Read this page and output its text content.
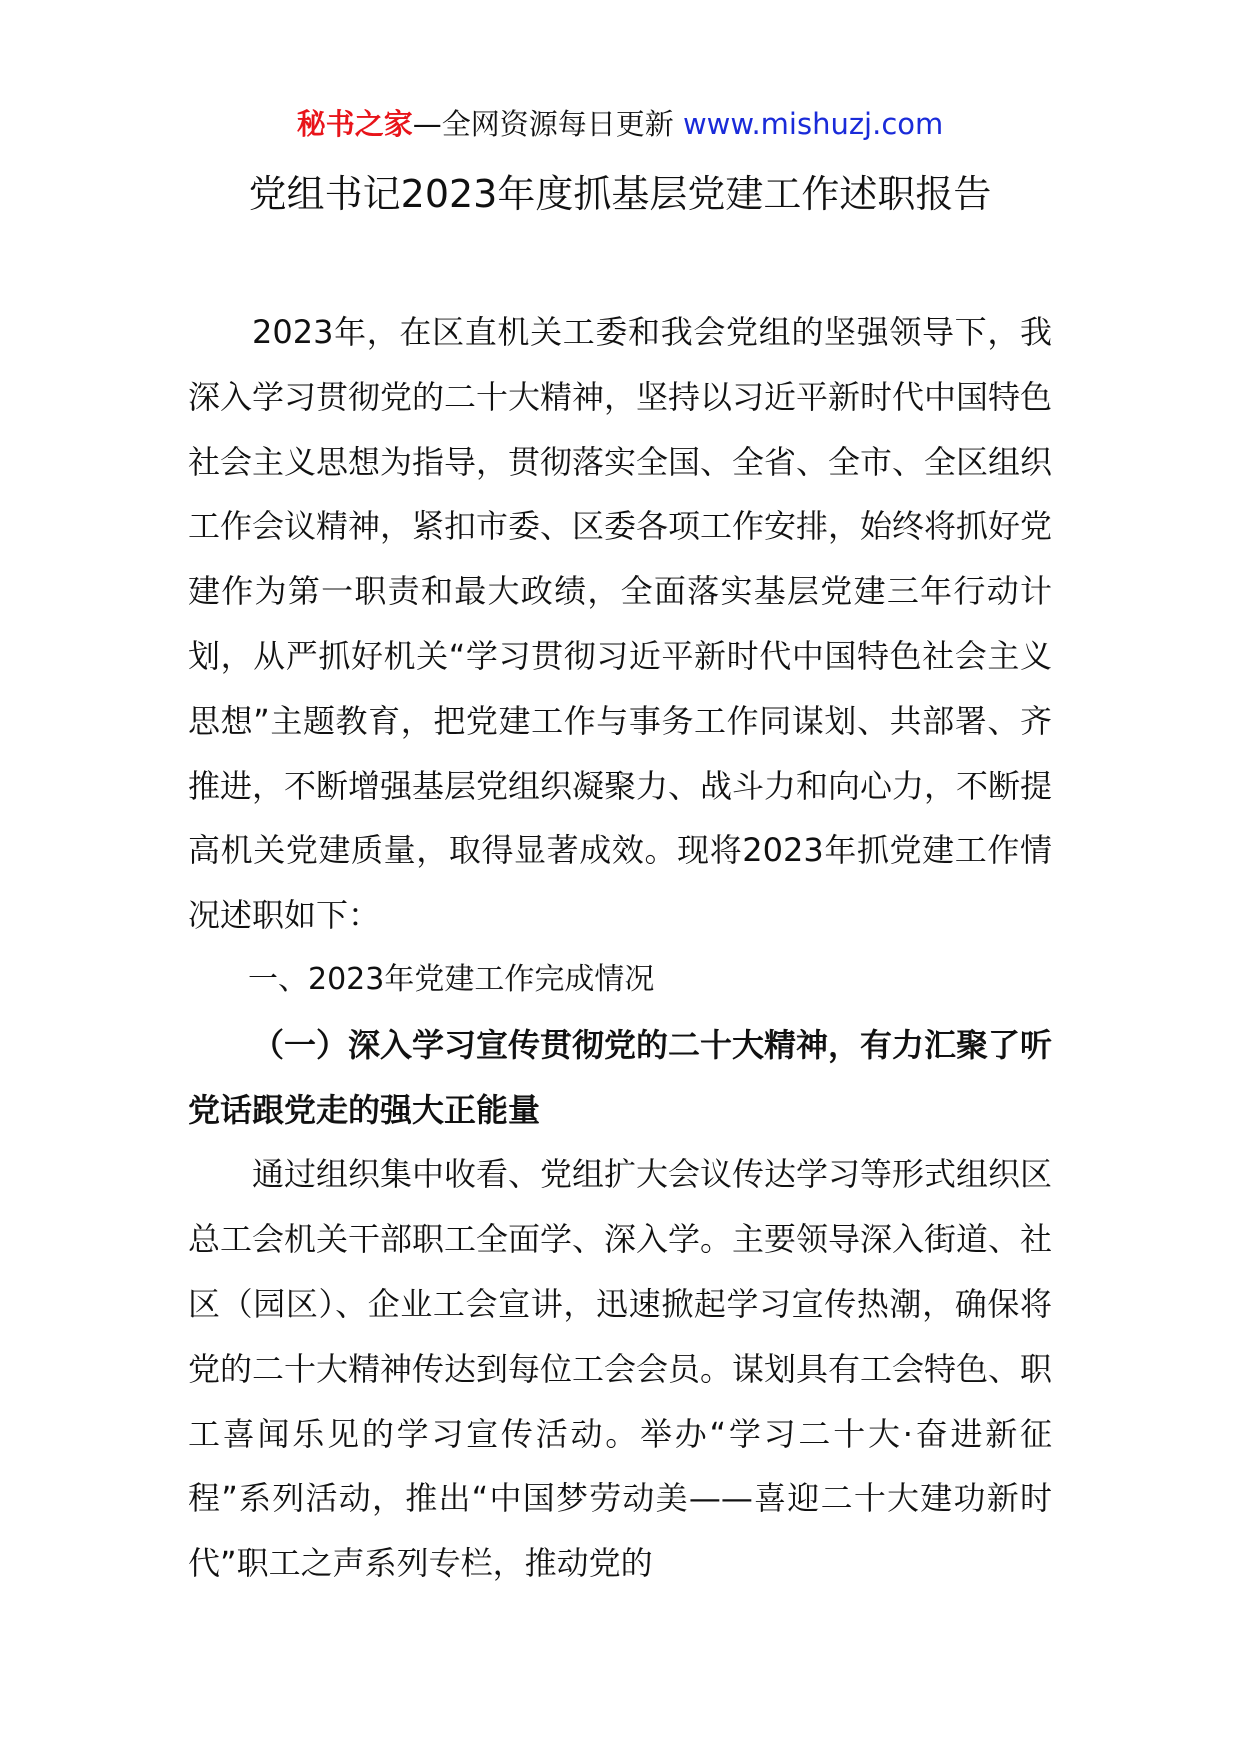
秘书之家—全网资源每日更新 www.mishuzj.com
党组书记2023年度抓基层党建工作述职报告

2023年，在区直机关工委和我会党组的坚强领导下，我深入学习贯彻党的二十大精神，坚持以习近平新时代中国特色社会主义思想为指导，贯彻落实全国、全省、全市、全区组织工作会议精神，紧扣市委、区委各项工作安排，始终将抓好党建作为第一职责和最大政绩，全面落实基层党建三年行动计划，从严抓好机关“学习贯彻习近平新时代中国特色社会主义思想”主题教育，把党建工作与事务工作同谋划、共部署、齐推进，不断增强基层党组织凝聚力、战斗力和向心力，不断提高机关党建质量，取得显著成效。现将2023年抓党建工作情况述职如下：

一、2023年党建工作完成情况

（一）深入学习宣传贯彻党的二十大精神，有力汇聚了听党话跟党走的强大正能量

通过组织集中收看、党组扩大会议传达学习等形式组织区总工会机关干部职工全面学、深入学。主要领导深入街道、社区（园区）、企业工会宣讲，迅速掀起学习宣传热潮，确保将党的二十大精神传达到每位工会会员。谋划具有工会特色、职工喜闻乐见的学习宣传活动。举办“学习二十大·奋进新征程”系列活动，推出“中国梦劳动美——喜迎二十大建功新时代”职工之声系列专栏，推动党的
